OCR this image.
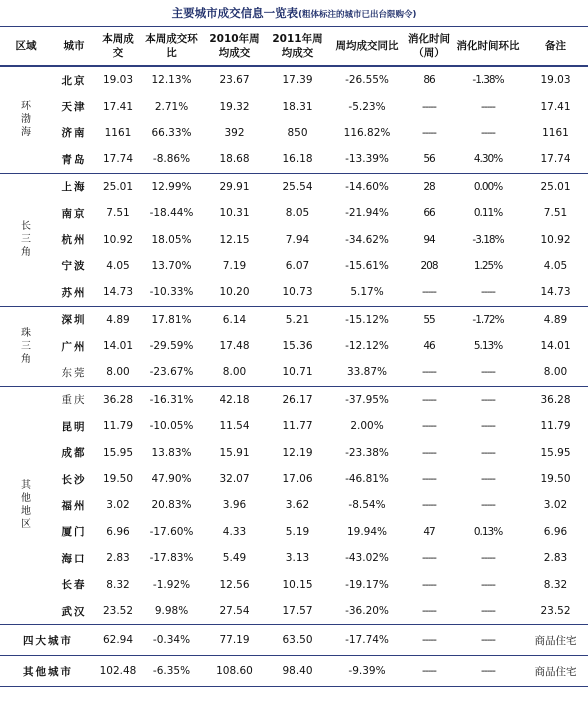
主要城市成交信息一览表(粗体标注的城市已出台限购令)
区域	城市	本周成交	本周成交环比	2010年周均成交	2011年周均成交	周均成交同比	消化时间（周）	消化时间环比	备注
环渤海	北京	19.03	12.13%	23.67	17.39	-26.55%	86	-1.38%	19.03
	天津	17.41	2.71%	19.32	18.31	-5.23%	-----	-----	17.41
	济南	1161	66.33%	392	850	116.82%	-----	-----	1161
	青岛	17.74	-8.86%	18.68	16.18	-13.39%	56	4.30%	17.74
长三角	上海	25.01	12.99%	29.91	25.54	-14.60%	28	0.00%	25.01
	南京	7.51	-18.44%	10.31	8.05	-21.94%	66	0.11%	7.51
	杭州	10.92	18.05%	12.15	7.94	-34.62%	94	-3.18%	10.92
	宁波	4.05	13.70%	7.19	6.07	-15.61%	208	1.25%	4.05
	苏州	14.73	-10.33%	10.20	10.73	5.17%	-----	-----	14.73
珠三角	深圳	4.89	17.81%	6.14	5.21	-15.12%	55	-1.72%	4.89
	广州	14.01	-29.59%	17.48	15.36	-12.12%	46	5.13%	14.01
	东莞	8.00	-23.67%	8.00	10.71	33.87%	-----	-----	8.00
其他地区	重庆	36.28	-16.31%	42.18	26.17	-37.95%	-----	-----	36.28
	昆明	11.79	-10.05%	11.54	11.77	2.00%	-----	-----	11.79
	成都	15.95	13.83%	15.91	12.19	-23.38%	-----	-----	15.95
	长沙	19.50	47.90%	32.07	17.06	-46.81%	-----	-----	19.50
	福州	3.02	20.83%	3.96	3.62	-8.54%	-----	-----	3.02
	厦门	6.96	-17.60%	4.33	5.19	19.94%	47	0.13%	6.96
	海口	2.83	-17.83%	5.49	3.13	-43.02%	-----	-----	2.83
	长春	8.32	-1.92%	12.56	10.15	-19.17%	-----	-----	8.32
	武汉	23.52	9.98%	27.54	17.57	-36.20%	-----	-----	23.52
四大城市		62.94	-0.34%	77.19	63.50	-17.74%	-----	-----	商品住宅
其他城市		102.48	-6.35%	108.60	98.40	-9.39%	-----	-----	商品住宅
